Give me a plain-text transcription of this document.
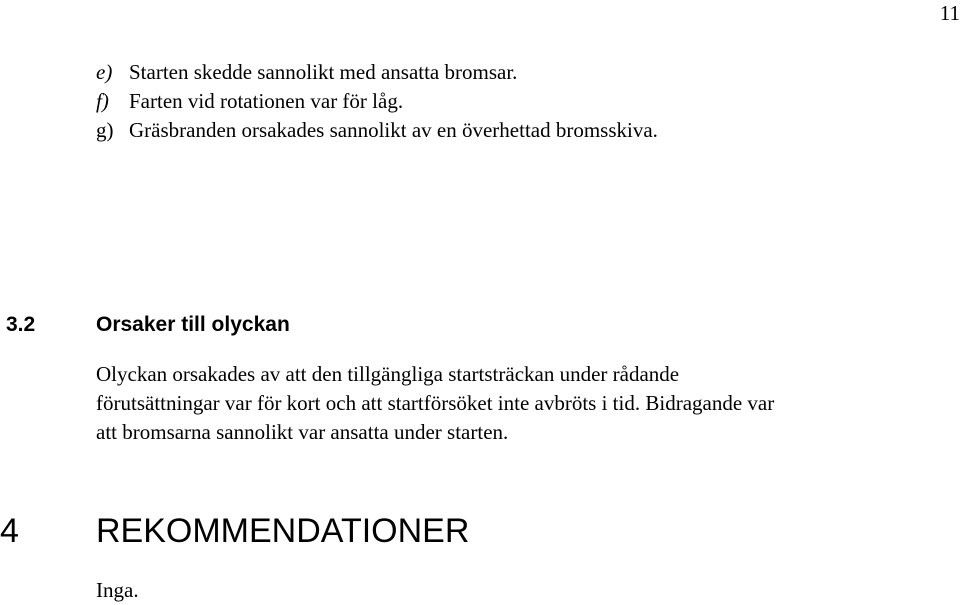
11
e) Starten skedde sannolikt med ansatta bromsar.
f) Farten vid rotationen var för låg.
g) Gräsbranden orsakades sannolikt av en överhettad bromsskiva.
3.2	Orsaker till olyckan

Olyckan orsakades av att den tillgängliga startsträckan under rådande
förutsättningar var för kort och att startförsöket inte avbröts i tid. Bidragande var
att bromsarna sannolikt var ansatta under starten.

4	REKOMMENDATIONER

Inga.
